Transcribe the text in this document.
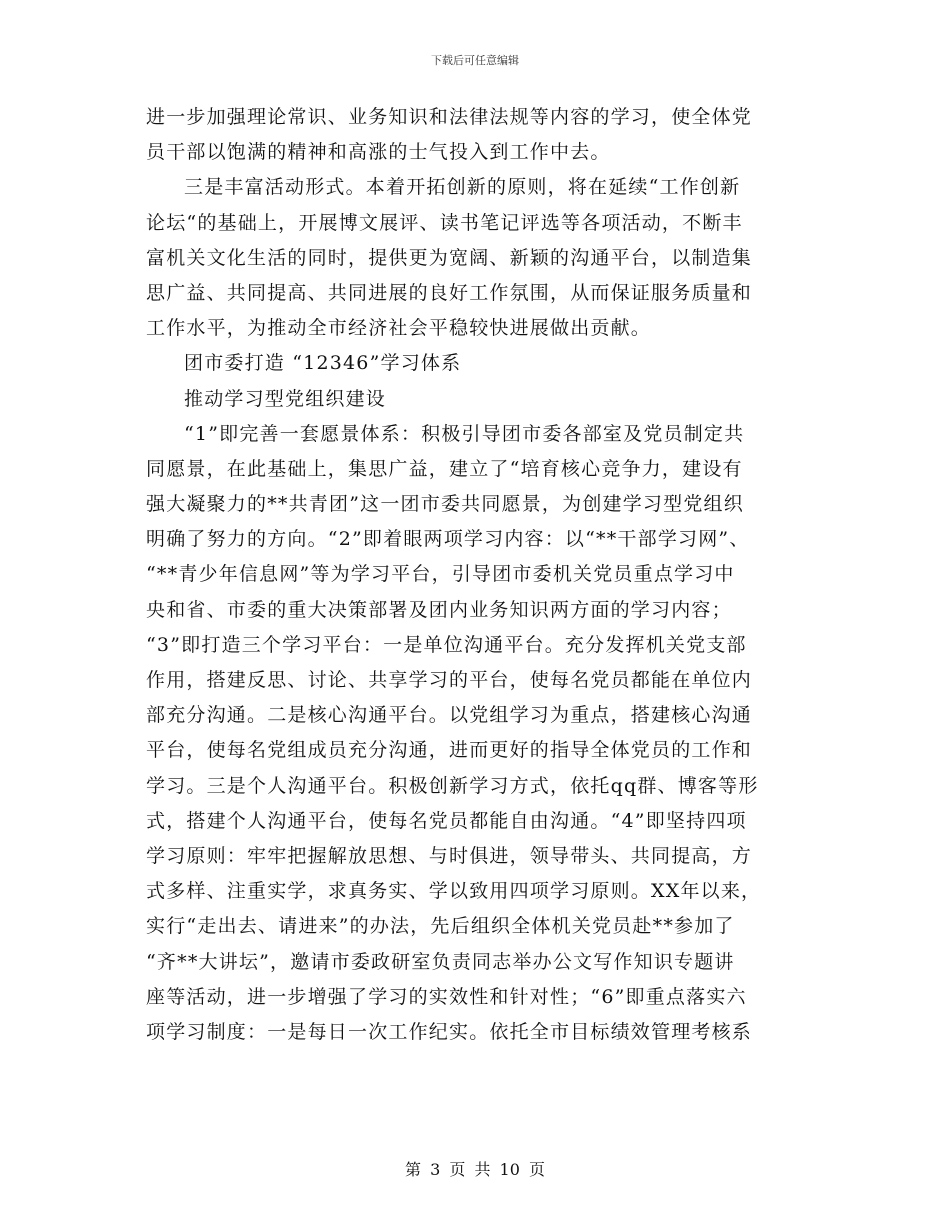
下载后可任意编辑
进一步加强理论常识、业务知识和法律法规等内容的学习，使全体党
员干部以饱满的精神和高涨的士气投入到工作中去。
三是丰富活动形式。本着开拓创新的原则，将在延续“工作创新
论坛“的基础上，开展博文展评、读书笔记评选等各项活动，不断丰
富机关文化生活的同时，提供更为宽阔、新颖的沟通平台，以制造集
思广益、共同提高、共同进展的良好工作氛围，从而保证服务质量和
工作水平，为推动全市经济社会平稳较快进展做出贡献。
团市委打造 “12346”学习体系
推动学习型党组织建设
“1”即完善一套愿景体系：积极引导团市委各部室及党员制定共
同愿景，在此基础上，集思广益，建立了“培育核心竞争力，建设有
强大凝聚力的**共青团”这一团市委共同愿景，为创建学习型党组织
明确了努力的方向。“2”即着眼两项学习内容：以“**干部学习网”、
“**青少年信息网”等为学习平台，引导团市委机关党员重点学习中
央和省、市委的重大决策部署及团内业务知识两方面的学习内容；
“3”即打造三个学习平台：一是单位沟通平台。充分发挥机关党支部
作用，搭建反思、讨论、共享学习的平台，使每名党员都能在单位内
部充分沟通。二是核心沟通平台。以党组学习为重点，搭建核心沟通
平台，使每名党组成员充分沟通，进而更好的指导全体党员的工作和
学习。三是个人沟通平台。积极创新学习方式，依托qq群、博客等形
式，搭建个人沟通平台，使每名党员都能自由沟通。“4”即坚持四项
学习原则：牢牢把握解放思想、与时俱进，领导带头、共同提高，方
式多样、注重实学，求真务实、学以致用四项学习原则。XX年以来，
实行“走出去、请进来”的办法，先后组织全体机关党员赴**参加了
“齐**大讲坛”，邀请市委政研室负责同志举办公文写作知识专题讲
座等活动，进一步增强了学习的实效性和针对性；“6”即重点落实六
项学习制度：一是每日一次工作纪实。依托全市目标绩效管理考核系
第 3 页 共 10 页
